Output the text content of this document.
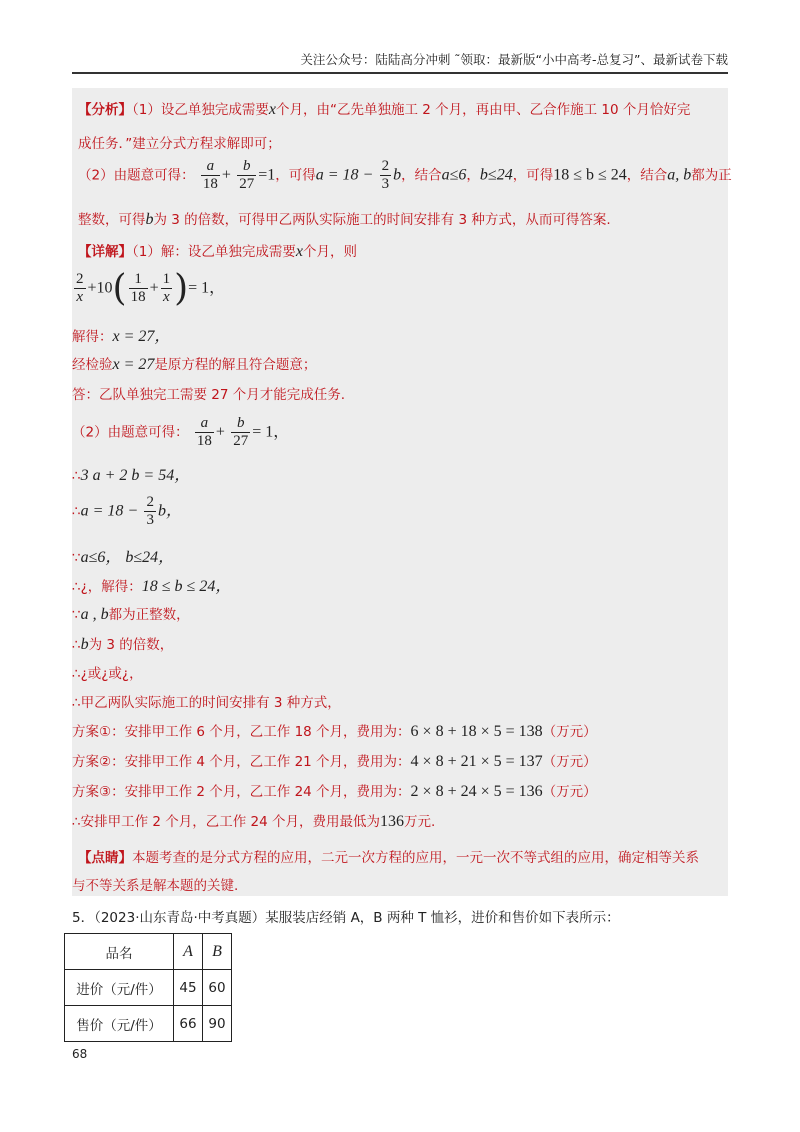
关注公众号：陆陆高分冲刺 ˜领取：最新版“小中高考-总复习”、最新试卷下载
【分析】（1）设乙单独完成需要x个月，由“乙先单独施工 2 个月，再由甲、乙合作施工 10 个月恰好完
成任务．”建立分式方程求解即可；
（2）由题意可得： $\frac{a}{18} + \frac{b}{27} =1$，可得$a = 18 - \frac{2}{3}$ b，结合a≤6，b≤24，可得18 ≤ b ≤ 24，结合a, b都为正
整数，可得b为 3 的倍数，可得甲乙两队实际施工的时间安排有 3 种方式，从而可得答案.
【详解】（1）解：设乙单独完成需要x个月，则
$\frac{2}{x} +10( \frac{1}{18} + \frac{1}{x}$ )= 1，
解得：x = 27，
经检验x = 27是原方程的解且符合题意；
答：乙队单独完工需要 27 个月才能完成任务.
（2）由题意可得： $\frac{a}{18} + \frac{b}{27} = 1$，
∴3 a + 2 b = 54，
∴a = $18 - \frac{2}{3}$ b，
∵a≤6， b≤24，
∴¿，解得：18 ≤ b ≤ 24，
∵a , b都为正整数，
∴b为 3 的倍数，
∴¿或¿或¿，
∴甲乙两队实际施工的时间安排有 3 种方式，
方案①：安排甲工作 6 个月，乙工作 18 个月，费用为：6 × 8 + 18 × 5 = 138（万元）
方案②：安排甲工作 4 个月，乙工作 21 个月，费用为：4 × 8 + 21 × 5 = 137（万元）
方案③：安排甲工作 2 个月，乙工作 24 个月，费用为：2 × 8 + 24 × 5 = 136（万元）
∴安排甲工作 2 个月，乙工作 24 个月，费用最低为136万元.
【点睛】本题考查的是分式方程的应用，二元一次方程的应用，一元一次不等式组的应用，确定相等关系
与不等关系是解本题的关键.
5．（2023·山东青岛·中考真题）某服装店经销 A，B 两种 T 恤衫，进价和售价如下表所示：
品名	A	B
进价（元/件）	45	60
售价（元/件）	66	90
68
